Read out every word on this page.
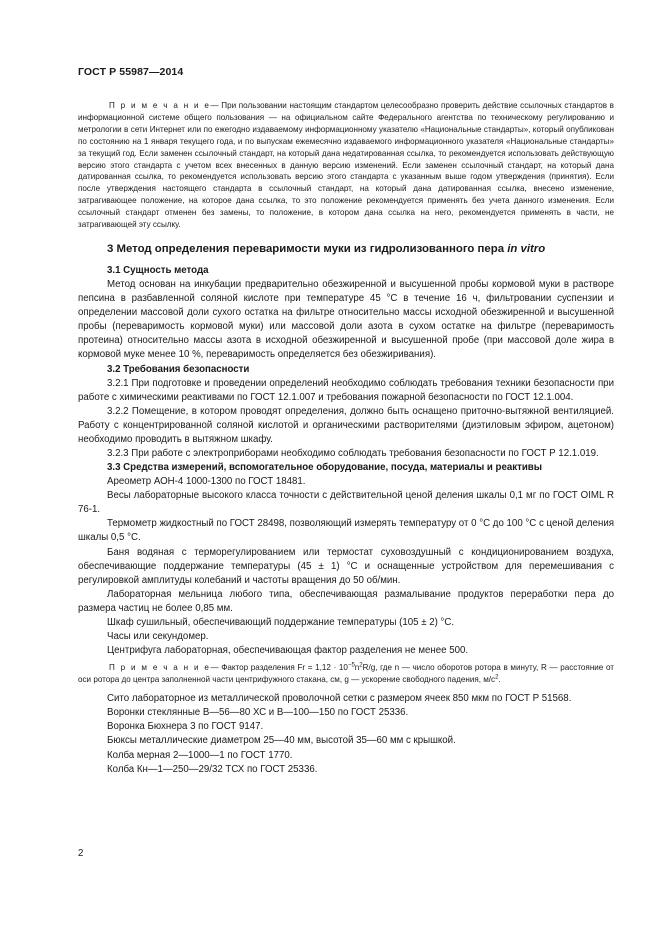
ГОСТ Р 55987—2014

П р и м е ч а н и е— При пользовании настоящим стандартом целесообразно проверить действие ссылочных стандартов в информационной системе общего пользования — на официальном сайте Федерального агентства по техническому регулированию и метрологии в сети Интернет или по ежегодно издаваемому информационному указателю «Национальные стандарты», который опубликован по состоянию на 1 января текущего года, и по выпускам ежемесячно издаваемого информационного указателя «Национальные стандарты» за текущий год. Если заменен ссылочный стандарт, на который дана недатированная ссылка, то рекомендуется использовать действующую версию этого стандарта с учетом всех внесенных в данную версию изменений. Если заменен ссылочный стандарт, на который дана датированная ссылка, то рекомендуется использовать версию этого стандарта с указанным выше годом утверждения (принятия). Если после утверждения настоящего стандарта в ссылочный стандарт, на который дана датированная ссылка, внесено изменение, затрагивающее положение, на которое дана ссылка, то это положение рекомендуется применять без учета данного изменения. Если ссылочный стандарт отменен без замены, то положение, в котором дана ссылка на него, рекомендуется применять в части, не затрагивающей эту ссылку.

3 Метод определения переваримости муки из гидролизованного пера in vitro
3.1 Сущность метода

Метод основан на инкубации предварительно обезжиренной и высушенной пробы кормовой муки в растворе пепсина в разбавленной соляной кислоте при температуре 45 °С в течение 16 ч, фильтровании суспензии и определении массовой доли сухого остатка на фильтре относительно массы исходной обезжиренной и высушенной пробы (переваримость кормовой муки) или массовой доли азота в сухом остатке на фильтре (переваримость протеина) относительно массы азота в исходной обезжиренной и высушенной пробе (при массовой доле жира в кормовой муке менее 10 %, переваримость определяется без обезжиривания).

3.2 Требования безопасности

3.2.1 При подготовке и проведении определений необходимо соблюдать требования техники безопасности при работе с химическими реактивами по ГОСТ 12.1.007 и требования пожарной безопасности по ГОСТ 12.1.004.

3.2.2 Помещение, в котором проводят определения, должно быть оснащено приточно-вытяжной вентиляцией. Работу с концентрированной соляной кислотой и органическими растворителями (диэтиловым эфиром, ацетоном) необходимо проводить в вытяжном шкафу.

3.2.3 При работе с электроприборами необходимо соблюдать требования безопасности по ГОСТ Р 12.1.019.

3.3 Средства измерений, вспомогательное оборудование, посуда, материалы и реактивы

Ареометр АОН-4 1000-1300 по ГОСТ 18481.

Весы лабораторные высокого класса точности с действительной ценой деления шкалы 0,1 мг по ГОСТ OIML R 76-1.

Термометр жидкостный по ГОСТ 28498, позволяющий измерять температуру от 0 °С до 100 °С с ценой деления шкалы 0,5 °С.

Баня водяная с терморегулированием или термостат суховоздушный с кондиционированием воздуха, обеспечивающие поддержание температуры (45 ± 1) °С и оснащенные устройством для перемешивания с регулировкой амплитуды колебаний и частоты вращения до 50 об/мин.

Лабораторная мельница любого типа, обеспечивающая размалывание продуктов переработки пера до размера частиц не более 0,85 мм.

Шкаф сушильный, обеспечивающий поддержание температуры (105 ± 2) °С.

Часы или секундомер.

Центрифуга лабораторная, обеспечивающая фактор разделения не менее 500.

П р и м е ч а н и е— Фактор разделения $Fr = 1,12 \cdot 10^{-5}n^2R/g$, где n — число оборотов ротора в минуту, R — расстояние от оси ротора до центра заполненной части центрифужного стакана, см, g — ускорение свободного падения, $м/с^2$.

Сито лабораторное из металлической проволочной сетки с размером ячеек 850 мкм по ГОСТ Р 51568.

Воронки стеклянные В—56—80 ХС и В—100—150 по ГОСТ 25336.

Воронка Бюхнера 3 по ГОСТ 9147.

Бюксы металлические диаметром 25—40 мм, высотой 35—60 мм с крышкой.

Колба мерная 2—1000—1 по ГОСТ 1770.

Колба Кн—1—250—29/32 ТСХ по ГОСТ 25336.

2
